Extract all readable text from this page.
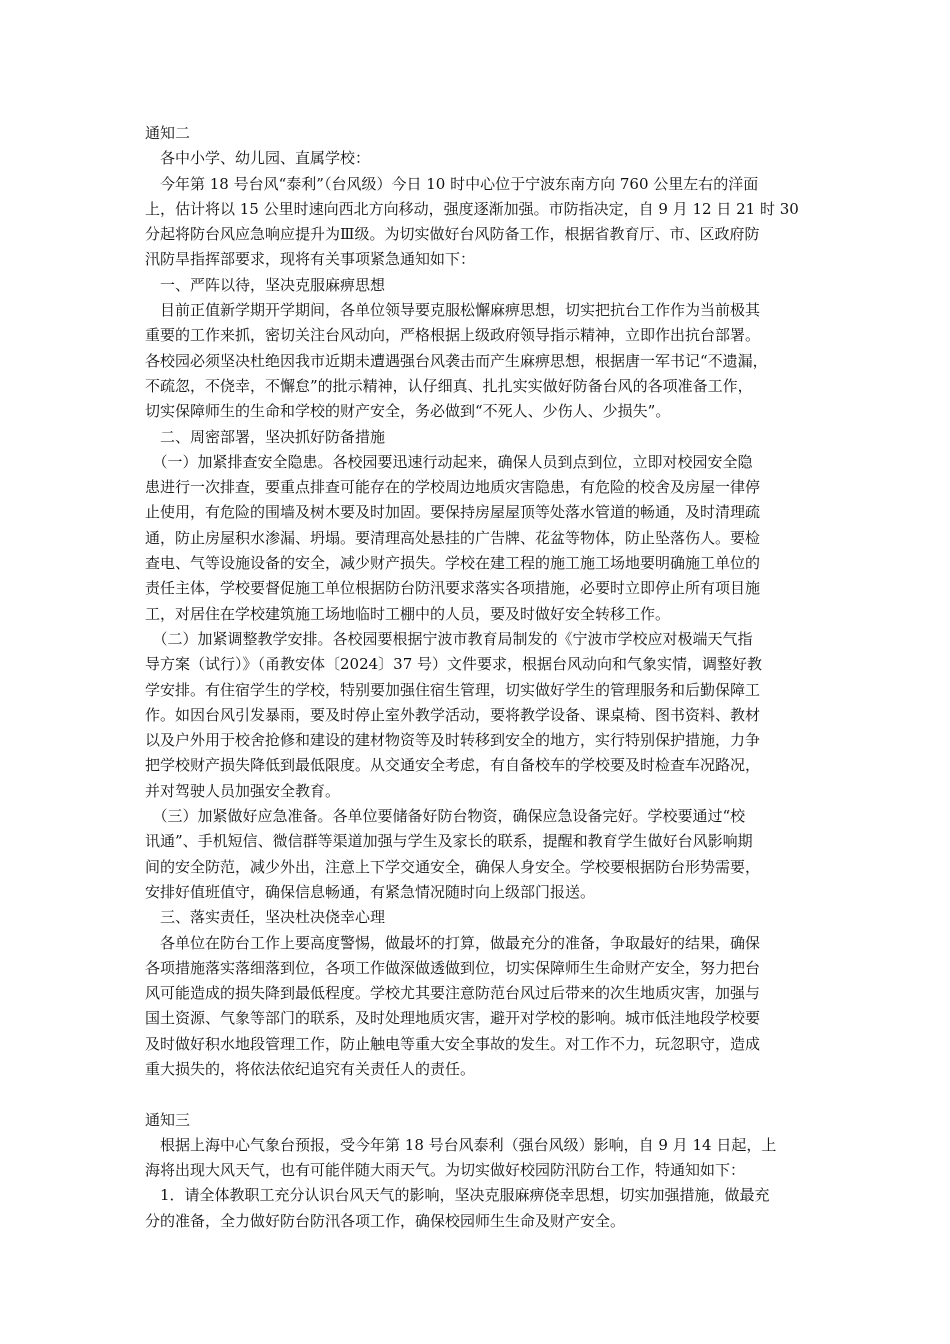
通知二

　各中小学、幼儿园、直属学校：

　今年第 18 号台风“泰利”（台风级）今日 10 时中心位于宁波东南方向 760 公里左右的洋面

上，估计将以 15 公里时速向西北方向移动，强度逐渐加强。市防指决定，自 9 月 12 日 21 时 30

分起将防台风应急响应提升为Ⅲ级。为切实做好台风防备工作，根据省教育厅、市、区政府防

汛防旱指挥部要求，现将有关事项紧急通知如下：

　一、严阵以待，坚决克服麻痹思想

　目前正值新学期开学期间，各单位领导要克服松懈麻痹思想，切实把抗台工作作为当前极其

重要的工作来抓，密切关注台风动向，严格根据上级政府领导指示精神，立即作出抗台部署。

各校园必须坚决杜绝因我市近期未遭遇强台风袭击而产生麻痹思想，根据唐一军书记“不遗漏，

不疏忽，不侥幸，不懈怠”的批示精神，认仔细真、扎扎实实做好防备台风的各项准备工作，

切实保障师生的生命和学校的财产安全，务必做到“不死人、少伤人、少损失”。

　二、周密部署，坚决抓好防备措施

　（一）加紧排查安全隐患。各校园要迅速行动起来，确保人员到点到位，立即对校园安全隐

患进行一次排查，要重点排查可能存在的学校周边地质灾害隐患，有危险的校舍及房屋一律停

止使用，有危险的围墙及树木要及时加固。要保持房屋屋顶等处落水管道的畅通，及时清理疏

通，防止房屋积水渗漏、坍塌。要清理高处悬挂的广告牌、花盆等物体，防止坠落伤人。要检

查电、气等设施设备的安全，减少财产损失。学校在建工程的施工施工场地要明确施工单位的

责任主体，学校要督促施工单位根据防台防汛要求落实各项措施，必要时立即停止所有项目施

工，对居住在学校建筑施工场地临时工棚中的人员，要及时做好安全转移工作。

　（二）加紧调整教学安排。各校园要根据宁波市教育局制发的《宁波市学校应对极端天气指

导方案（试行）》（甬教安体〔2024〕37 号）文件要求，根据台风动向和气象实情，调整好教

学安排。有住宿学生的学校，特别要加强住宿生管理，切实做好学生的管理服务和后勤保障工

作。如因台风引发暴雨，要及时停止室外教学活动，要将教学设备、课桌椅、图书资料、教材

以及户外用于校舍抢修和建设的建材物资等及时转移到安全的地方，实行特别保护措施，力争

把学校财产损失降低到最低限度。从交通安全考虑，有自备校车的学校要及时检查车况路况，

并对驾驶人员加强安全教育。

　（三）加紧做好应急准备。各单位要储备好防台物资，确保应急设备完好。学校要通过“校

讯通”、手机短信、微信群等渠道加强与学生及家长的联系，提醒和教育学生做好台风影响期

间的安全防范，减少外出，注意上下学交通安全，确保人身安全。学校要根据防台形势需要，

安排好值班值守，确保信息畅通，有紧急情况随时向上级部门报送。

　三、落实责任，坚决杜决侥幸心理

　各单位在防台工作上要高度警惕，做最坏的打算，做最充分的准备，争取最好的结果，确保

各项措施落实落细落到位，各项工作做深做透做到位，切实保障师生生命财产安全，努力把台

风可能造成的损失降到最低程度。学校尤其要注意防范台风过后带来的次生地质灾害，加强与

国土资源、气象等部门的联系，及时处理地质灾害，避开对学校的影响。城市低洼地段学校要

及时做好积水地段管理工作，防止触电等重大安全事故的发生。对工作不力，玩忽职守，造成

重大损失的，将依法依纪追究有关责任人的责任。

通知三

　根据上海中心气象台预报，受今年第 18 号台风泰利（强台风级）影响，自 9 月 14 日起，上

海将出现大风天气，也有可能伴随大雨天气。为切实做好校园防汛防台工作，特通知如下：

　1．请全体教职工充分认识台风天气的影响，坚决克服麻痹侥幸思想，切实加强措施，做最充

分的准备，全力做好防台防汛各项工作，确保校园师生生命及财产安全。
